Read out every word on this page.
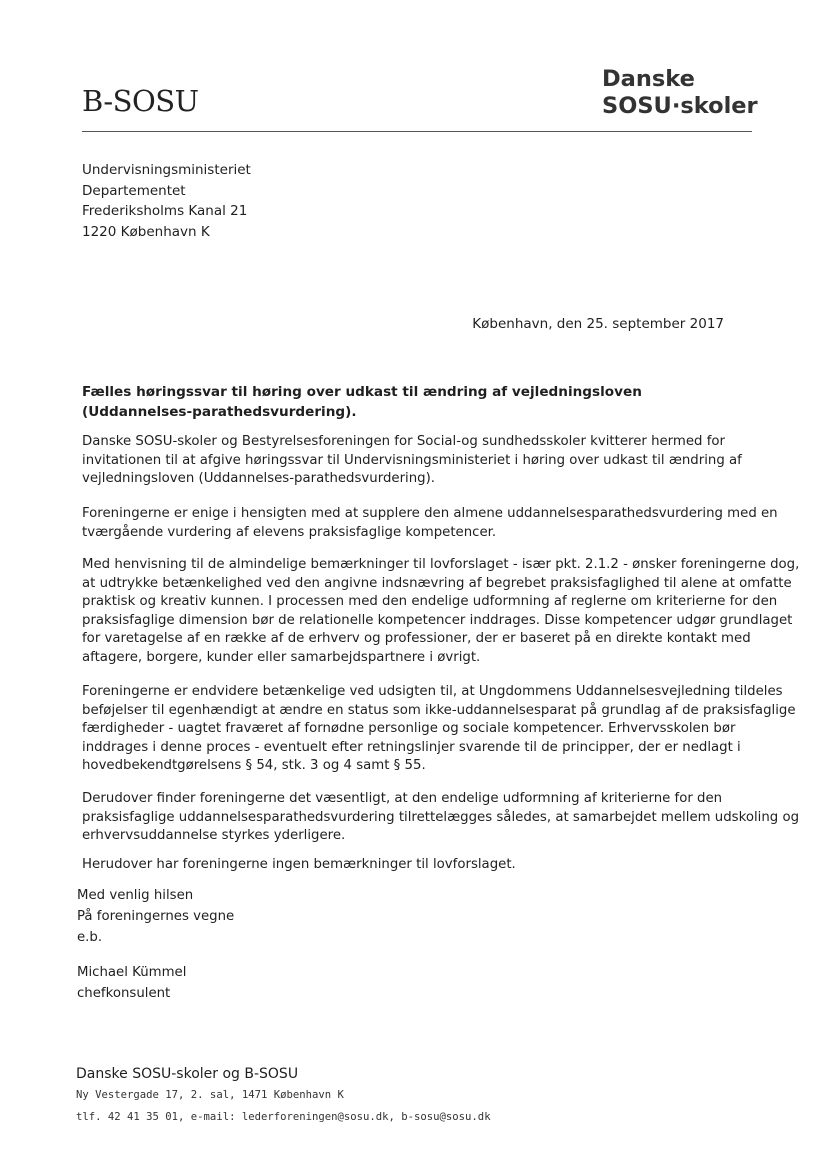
B-SOSU
Danske
SOSU·skoler
Undervisningsministeriet
Departementet
Frederiksholms Kanal 21
1220 København K
København, den 25. september 2017
Fælles høringssvar til høring over udkast til ændring af vejledningsloven (Uddannelses-parathedsvurdering).
Danske SOSU-skoler og Bestyrelsesforeningen for Social-og sundhedsskoler kvitterer hermed for
invitationen til at afgive høringssvar til Undervisningsministeriet i høring over udkast til ændring af
vejledningsloven (Uddannelses-parathedsvurdering).
Foreningerne er enige i hensigten med at supplere den almene uddannelsesparathedsvurdering med en
tværgående vurdering af elevens praksisfaglige kompetencer.
Med henvisning til de almindelige bemærkninger til lovforslaget - især pkt. 2.1.2 - ønsker foreningerne dog,
at udtrykke betænkelighed ved den angivne indsnævring af begrebet praksisfaglighed til alene at omfatte
praktisk og kreativ kunnen. I processen med den endelige udformning af reglerne om kriterierne for den
praksisfaglige dimension bør de relationelle kompetencer inddrages. Disse kompetencer udgør grundlaget
for varetagelse af en række af de erhverv og professioner, der er baseret på en direkte kontakt med
aftagere, borgere, kunder eller samarbejdspartnere i øvrigt.
Foreningerne er endvidere betænkelige ved udsigten til, at Ungdommens Uddannelsesvejledning tildeles
beføjelser til egenhændigt at ændre en status som ikke-uddannelsesparat på grundlag af de praksisfaglige
færdigheder - uagtet fraværet af fornødne personlige og sociale kompetencer. Erhvervsskolen bør
inddrages i denne proces - eventuelt efter retningslinjer svarende til de principper, der er nedlagt i
hovedbekendtgørelsens § 54, stk. 3 og 4 samt § 55.
Derudover finder foreningerne det væsentligt, at den endelige udformning af kriterierne for den
praksisfaglige uddannelsesparathedsvurdering tilrettelægges således, at samarbejdet mellem udskoling og
erhvervsuddannelse styrkes yderligere.
Herudover har foreningerne ingen bemærkninger til lovforslaget.
Med venlig hilsen
På foreningernes vegne
e.b.
Michael Kümmel
chefkonsulent
Danske SOSU-skoler og B-SOSU
Ny Vestergade 17, 2. sal, 1471 København K
tlf. 42 41 35 01, e-mail: lederforeningen@sosu.dk, b-sosu@sosu.dk
